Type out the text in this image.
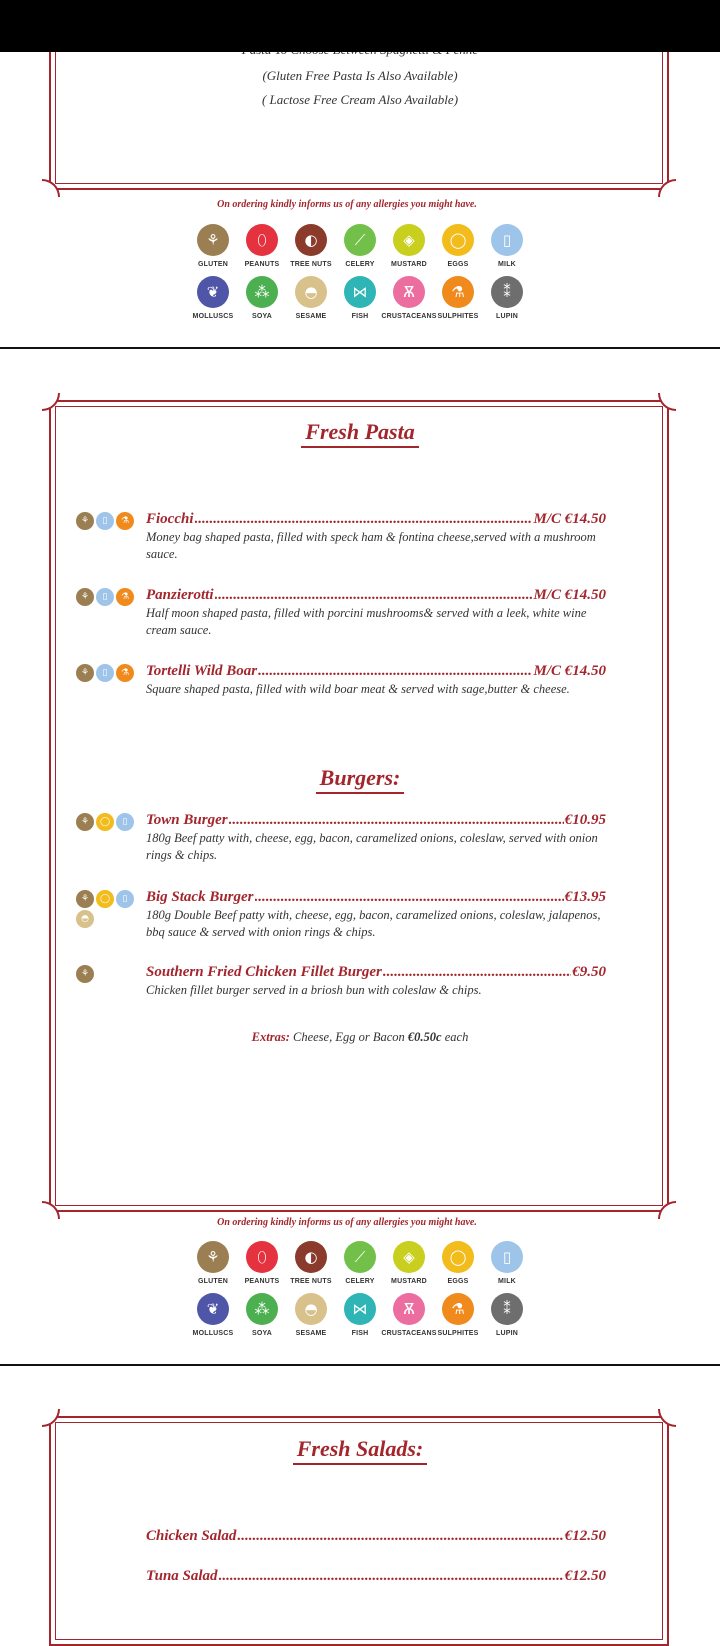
(Gluten Free Pasta Is Also Available)
( Lactose Free Cream Also Available)
On ordering kindly informs us of any allergies you might have.
⚘
GLUTEN
⬯
PEANUTS
◐
TREE NUTS
⟋
CELERY
◈
MUSTARD
◯
EGGS
▯
MILK
❦
MOLLUSCS
⁂
SOYA
◓
SESAME
⋈
FISH
Ѫ
CRUSTACEANS
⚗
SULPHITES
⁑
LUPIN
Fresh Pasta
⚘	▯	⚗	Fiocchi .....	M/C €14.50
Money bag shaped pasta, filled with speck ham & fontina cheese,served with a mushroom sauce.
⚘	▯	⚗	Panzierotti .....	M/C €14.50
Half moon shaped pasta, filled with porcini mushrooms& served with a leek, white wine cream sauce.
⚘	▯	⚗	Tortelli Wild Boar .....	M/C €14.50
Square shaped pasta, filled with wild boar meat & served with sage,butter & cheese.
Burgers:
⚘	◯	▯	Town Burger .....	€10.95
180g Beef patty with, cheese, egg, bacon, caramelized onions, coleslaw, served with onion rings & chips.
⚘	◯	▯
◓
Big Stack Burger .....	€13.95
180g Double Beef patty with, cheese, egg, bacon, caramelized onions, coleslaw, jalapenos, bbq sauce & served with onion rings & chips.
⚘	Southern Fried Chicken Fillet Burger .....	€9.50
Chicken fillet burger served in a briosh bun with coleslaw & chips.
Extras: Cheese, Egg or Bacon €0.50c each
On ordering kindly informs us of any allergies you might have.
⚘
GLUTEN
⬯
PEANUTS
◐
TREE NUTS
⟋
CELERY
◈
MUSTARD
◯
EGGS
▯
MILK
❦
MOLLUSCS
⁂
SOYA
◓
SESAME
⋈
FISH
Ѫ
CRUSTACEANS
⚗
SULPHITES
⁑
LUPIN
Fresh Salads:
Chicken Salad .....	€12.50
Tuna Salad .....	€12.50
